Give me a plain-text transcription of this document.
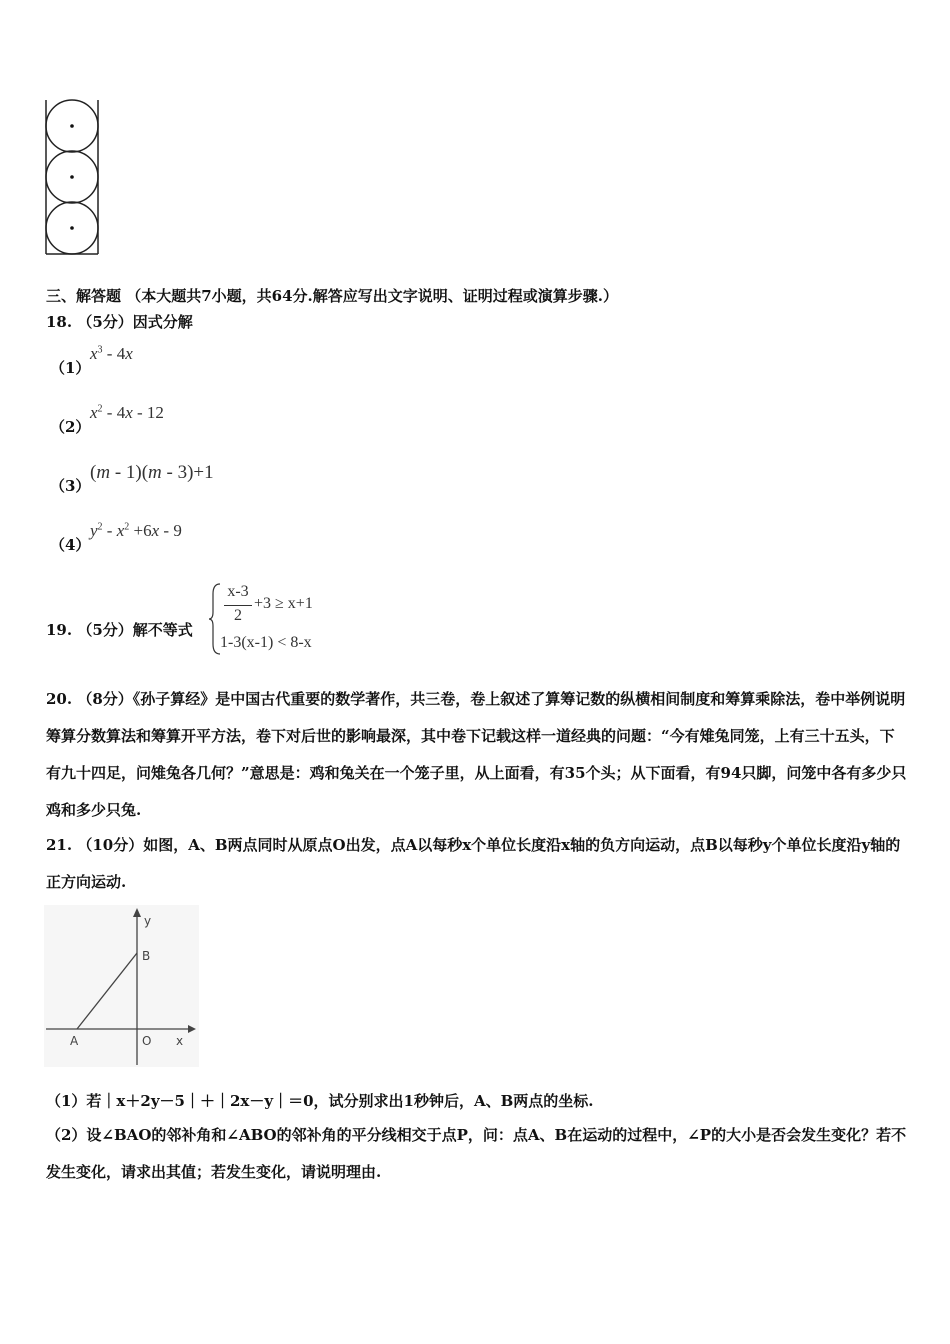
三、解答题 （本大题共7小题，共64分.解答应写出文字说明、证明过程或演算步骤.）
18. （5分）因式分解
（1）
$x^3 - 4x$
（2）
$x^2 - 4x - 12$
（3）
(m - 1)(m - 3)+1
（4）
$y^2 - x^2 +6x - 9$
19. （5分）解不等式
x-3
2
+3 ≥ x+1
1-3(x-1) < 8-x
20. （8分）《孙子算经》是中国古代重要的数学著作，共三卷，卷上叙述了算筹记数的纵横相间制度和筹算乘除法，卷中举例说明筹算分数算法和筹算开平方法，卷下对后世的影响最深，其中卷下记载这样一道经典的问题：“今有雉兔同笼，上有三十五头，下有九十四足，问雉兔各几何？”意思是：鸡和兔关在一个笼子里，从上面看，有35个头；从下面看，有94只脚，问笼中各有多少只鸡和多少只兔.
21. （10分）如图，A、B两点同时从原点O出发，点A以每秒x个单位长度沿x轴的负方向运动，点B以每秒y个单位长度沿y轴的正方向运动.
y
B
A	O x
（1）若｜x＋2y－5｜＋｜2x－y｜＝0，试分别求出1秒钟后，A、B两点的坐标.
（2）设∠BAO的邻补角和∠ABO的邻补角的平分线相交于点P，问：点A、B在运动的过程中，∠P的大小是否会发生变化？若不发生变化，请求出其值；若发生变化，请说明理由.
